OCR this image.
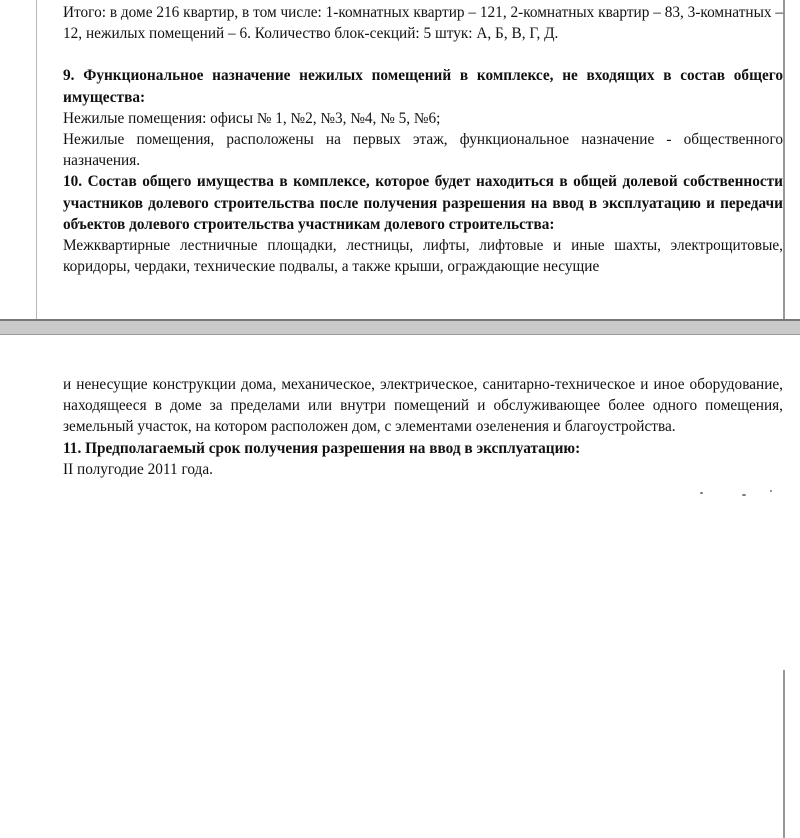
Итого: в доме 216 квартир, в том числе: 1-комнатных квартир – 121, 2-комнатных квартир – 83, 3-комнатных – 12, нежилых помещений – 6. Количество блок-секций: 5 штук: А, Б, В, Г, Д.

9. Функциональное назначение нежилых помещений в комплексе, не входящих в состав общего имущества:

Нежилые помещения: офисы № 1, №2, №3, №4, № 5, №6;

Нежилые помещения, расположены на первых этаж, функциональное назначение - общественного назначения.

10. Состав общего имущества в комплексе, которое будет находиться в общей долевой собственности участников долевого строительства после получения разрешения на ввод в эксплуатацию и передачи объектов долевого строительства участникам долевого строительства:

Межквартирные лестничные площадки, лестницы, лифты, лифтовые и иные шахты, электрощитовые, коридоры, чердаки, технические подвалы, а также крыши, ограждающие несущие

и ненесущие конструкции дома, механическое, электрическое, санитарно-техническое и иное оборудование, находящееся в доме за пределами или внутри помещений и обслуживающее более одного помещения, земельный участок, на котором расположен дом, с элементами озеленения и благоустройства.

11. Предполагаемый срок получения разрешения на ввод в эксплуатацию:

II полугодие 2011 года.
